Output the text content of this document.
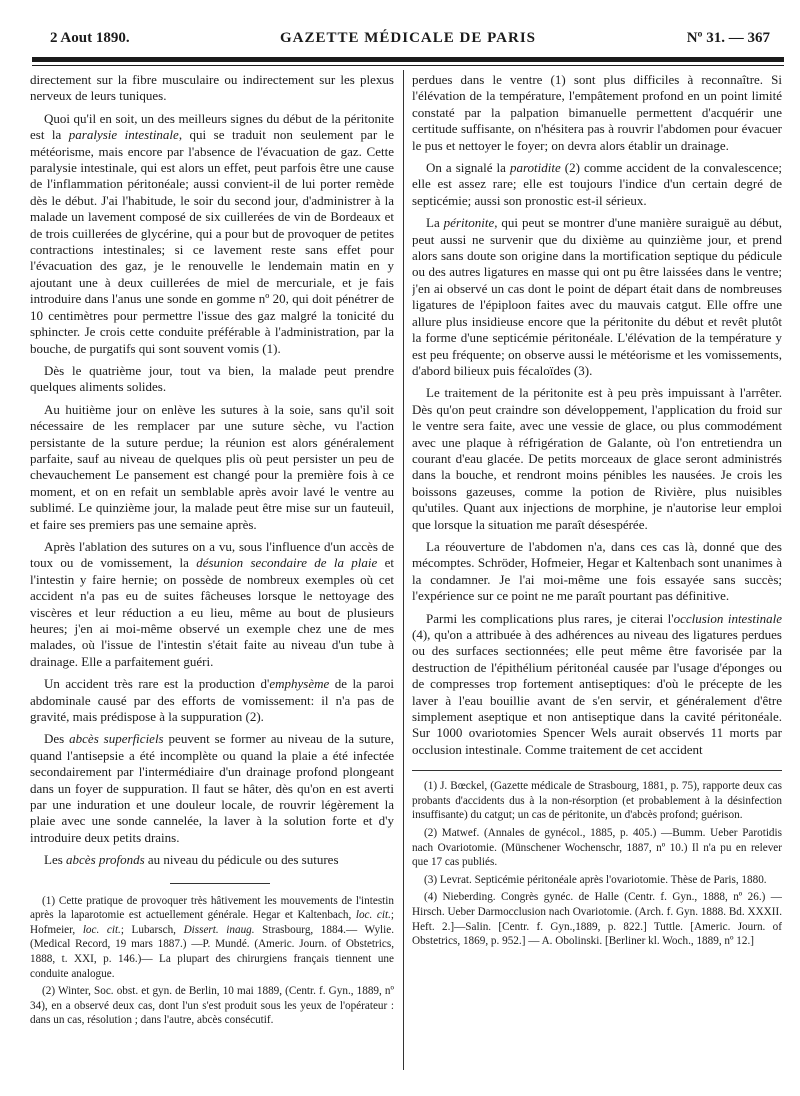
2 Aout 1890.	GAZETTE MÉDICALE DE PARIS	Nº 31. — 367

directement sur la fibre musculaire ou indirectement sur les plexus nerveux de leurs tuniques.

Quoi qu'il en soit, un des meilleurs signes du début de la péritonite est la paralysie intestinale, qui se traduit non seulement par le météorisme, mais encore par l'absence de l'évacuation de gaz. Cette paralysie intestinale, qui est alors un effet, peut parfois être une cause de l'inflammation péritonéale; aussi convient-il de lui porter remède dès le début. J'ai l'habitude, le soir du second jour, d'administrer à la malade un lavement composé de six cuillerées de vin de Bordeaux et de trois cuillerées de glycérine, qui a pour but de provoquer de petites contractions intestinales; si ce lavement reste sans effet pour l'évacuation des gaz, je le renouvelle le lendemain matin en y ajoutant une à deux cuillerées de miel de mercuriale, et je fais introduire dans l'anus une sonde en gomme nº 20, qui doit pénétrer de 10 centimètres pour permettre l'issue des gaz malgré la tonicité du sphincter. Je crois cette conduite préférable à l'administration, par la bouche, de purgatifs qui sont souvent vomis (1).

Dès le quatrième jour, tout va bien, la malade peut prendre quelques aliments solides.

Au huitième jour on enlève les sutures à la soie, sans qu'il soit nécessaire de les remplacer par une suture sèche, vu l'action persistante de la suture perdue; la réunion est alors généralement parfaite, sauf au niveau de quelques plis où peut persister un peu de chevauchement Le pansement est changé pour la première fois à ce moment, et on en refait un semblable après avoir lavé le ventre au sublimé. Le quinzième jour, la malade peut être mise sur un fauteuil, et faire ses premiers pas une semaine après.

Après l'ablation des sutures on a vu, sous l'influence d'un accès de toux ou de vomissement, la désunion secondaire de la plaie et l'intestin y faire hernie; on possède de nombreux exemples où cet accident n'a pas eu de suites fâcheuses lorsque le nettoyage des viscères et leur réduction a eu lieu, même au bout de plusieurs heures; j'en ai moi-même observé un exemple chez une de mes malades, où l'issue de l'intestin s'était faite au niveau d'un tube à drainage. Elle a parfaitement guéri.

Un accident très rare est la production d'emphysème de la paroi abdominale causé par des efforts de vomissement: il n'a pas de gravité, mais prédispose à la suppuration (2).

Des abcès superficiels peuvent se former au niveau de la suture, quand l'antisepsie a été incomplète ou quand la plaie a été infectée secondairement par l'intermédiaire d'un drainage profond plongeant dans un foyer de suppuration. Il faut se hâter, dès qu'on en est averti par une induration et une douleur locale, de rouvrir légèrement la plaie avec une sonde cannelée, la laver à la solution forte et d'y introduire deux petits drains.

Les abcès profonds au niveau du pédicule ou des sutures

(1) Cette pratique de provoquer très hâtivement les mouvements de l'intestin après la laparotomie est actuellement générale. Hegar et Kaltenbach, loc. cit.; Hofmeier, loc. cit.; Lubarsch, Dissert. inaug. Strasbourg, 1884.— Wylie. (Medical Record, 19 mars 1887.) —P. Mundé. (Americ. Journ. of Obstetrics, 1888, t. XXI, p. 146.)— La plupart des chirurgiens français tiennent une conduite analogue.

(2) Winter, Soc. obst. et gyn. de Berlin, 10 mai 1889, (Centr. f. Gyn., 1889, nº 34), en a observé deux cas, dont l'un s'est produit sous les yeux de l'opérateur : dans un cas, résolution ; dans l'autre, abcès consécutif.

perdues dans le ventre (1) sont plus difficiles à reconnaître. Si l'élévation de la température, l'empâtement profond en un point limité constaté par la palpation bimanuelle permettent d'acquérir une certitude suffisante, on n'hésitera pas à rouvrir l'abdomen pour évacuer le pus et nettoyer le foyer; on devra alors établir un drainage.

On a signalé la parotidite (2) comme accident de la convalescence; elle est assez rare; elle est toujours l'indice d'un certain degré de septicémie; aussi son pronostic est-il sérieux.

La péritonite, qui peut se montrer d'une manière suraiguë au début, peut aussi ne survenir que du dixième au quinzième jour, et prend alors sans doute son origine dans la mortification septique du pédicule ou des autres ligatures en masse qui ont pu être laissées dans le ventre; j'en ai observé un cas dont le point de départ était dans de nombreuses ligatures de l'épiploon faites avec du mauvais catgut. Elle offre une allure plus insidieuse encore que la péritonite du début et revêt plutôt la forme d'une septicémie péritonéale. L'élévation de la température y est peu fréquente; on observe aussi le météorisme et les vomissements, d'abord bilieux puis fécaloïdes (3).

Le traitement de la péritonite est à peu près impuissant à l'arrêter. Dès qu'on peut craindre son développement, l'application du froid sur le ventre sera faite, avec une vessie de glace, ou plus commodément avec une plaque à réfrigération de Galante, où l'on entretiendra un courant d'eau glacée. De petits morceaux de glace seront administrés dans la bouche, et rendront moins pénibles les nausées. Je crois les boissons gazeuses, comme la potion de Rivière, plus nuisibles qu'utiles. Quant aux injections de morphine, je n'autorise leur emploi que lorsque la situation me paraît désespérée.

La réouverture de l'abdomen n'a, dans ces cas là, donné que des mécomptes. Schröder, Hofmeier, Hegar et Kaltenbach sont unanimes à la condamner. Je l'ai moi-même une fois essayée sans succès; l'expérience sur ce point ne me paraît pourtant pas définitive.

Parmi les complications plus rares, je citerai l'occlusion intestinale (4), qu'on a attribuée à des adhérences au niveau des ligatures perdues ou des surfaces sectionnées; elle peut même être favorisée par la destruction de l'épithélium péritonéal causée par l'usage d'éponges ou de compresses trop fortement antiseptiques: d'où le précepte de les laver à l'eau bouillie avant de s'en servir, et généralement d'être simplement aseptique et non antiseptique dans la cavité péritonéale. Sur 1000 ovariotomies Spencer Wels aurait observés 11 morts par occlusion intestinale. Comme traitement de cet accident

(1) J. Bœckel, (Gazette médicale de Strasbourg, 1881, p. 75), rapporte deux cas probants d'accidents dus à la non-résorption (et probablement à la désinfection insuffisante) du catgut; un cas de péritonite, un d'abcès profond; guérison.

(2) Matwef. (Annales de gynécol., 1885, p. 405.) —Bumm. Ueber Parotidis nach Ovariotomie. (Münschener Wochenschr, 1887, nº 10.) Il n'a pu en relever que 17 cas publiés.

(3) Levrat. Septicémie péritonéale après l'ovariotomie. Thèse de Paris, 1880.

(4) Nieberding. Congrès gynéc. de Halle (Centr. f. Gyn., 1888, nº 26.) — Hirsch. Ueber Darmocclusion nach Ovariotomie. (Arch. f. Gyn. 1888. Bd. XXXII. Heft. 2.]—Salin. [Centr. f. Gyn.,1889, p. 822.] Tuttle. [Americ. Journ. of Obstetrics, 1869, p. 952.] — A. Obolinski. [Berliner kl. Woch., 1889, nº 12.]
